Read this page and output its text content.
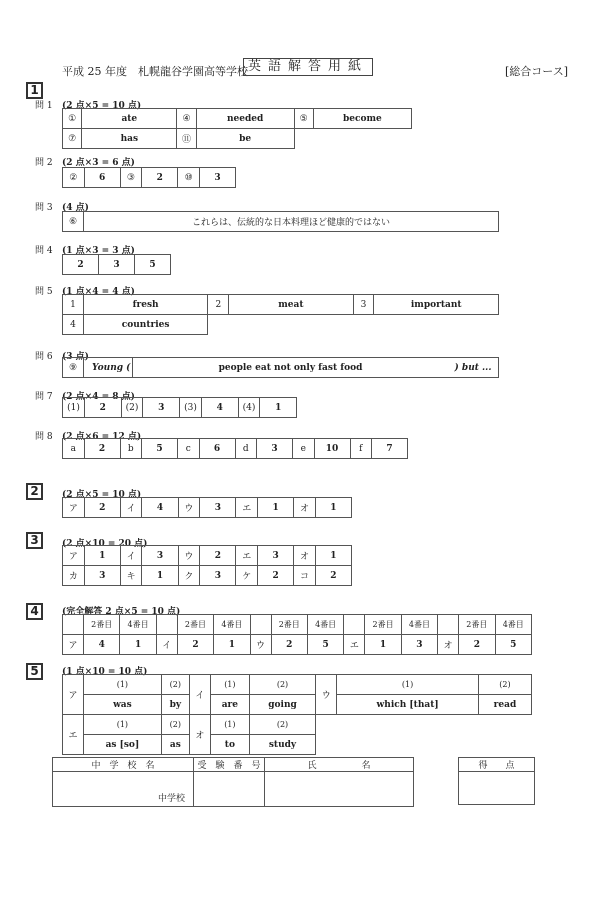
平成 25 年度　札幌龍谷学園高等学校 英語解答用紙	[総合コース]
1
問 1 (2 点×5 = 10 点)
①	ate	④	needed	⑤	become
⑦	has	⑪	be		
問 2 (2 点×3 = 6 点)
②	6	③	2	⑩	3
問 3 (4 点)
⑥	これらは、伝統的な日本料理ほど健康的ではない
問 4 (1 点×3 = 3 点)
2	3	5
問 5 (1 点×4 = 4 点)
1	fresh	2	meat	3	important
4	countries				
問 6 (3 点)
⑨	Young (	people eat not only fast food	) but ...
問 7 (2 点×4 = 8 点)
(1)	2	(2)	3	(3)	4	(4)	1
問 8 (2 点×6 = 12 点)
a	2	b	5	c	6	d	3	e	10	f	7
2	(2 点×5 = 10 点)
ア	2	イ	4	ウ	3	エ	1	オ	1
3	(2 点×10 = 20 点)
ア	1	イ	3	ウ	2	エ	3	オ	1
カ	3	キ	1	ク	3	ケ	2	コ	2
4	(完全解答 2 点×5 = 10 点)
	2番目	4番目		2番目	4番目		2番目	4番目		2番目	4番目		2番目	4番目
ア	4	1	イ	2	1	ウ	2	5	エ	1	3	オ	2	5
5	(1 点×10 = 10 点)
ア	(1)	(2)	イ	(1)	(2)	ウ	(1)	(2)
	was	by		are	going		which [that]	read
エ	(1)	(2)	オ	(1)	(2)			
	as [so]	as		to	study			
中　学　校　名	受　験　番　号	氏　　　　　名
中学校		
得　　点
